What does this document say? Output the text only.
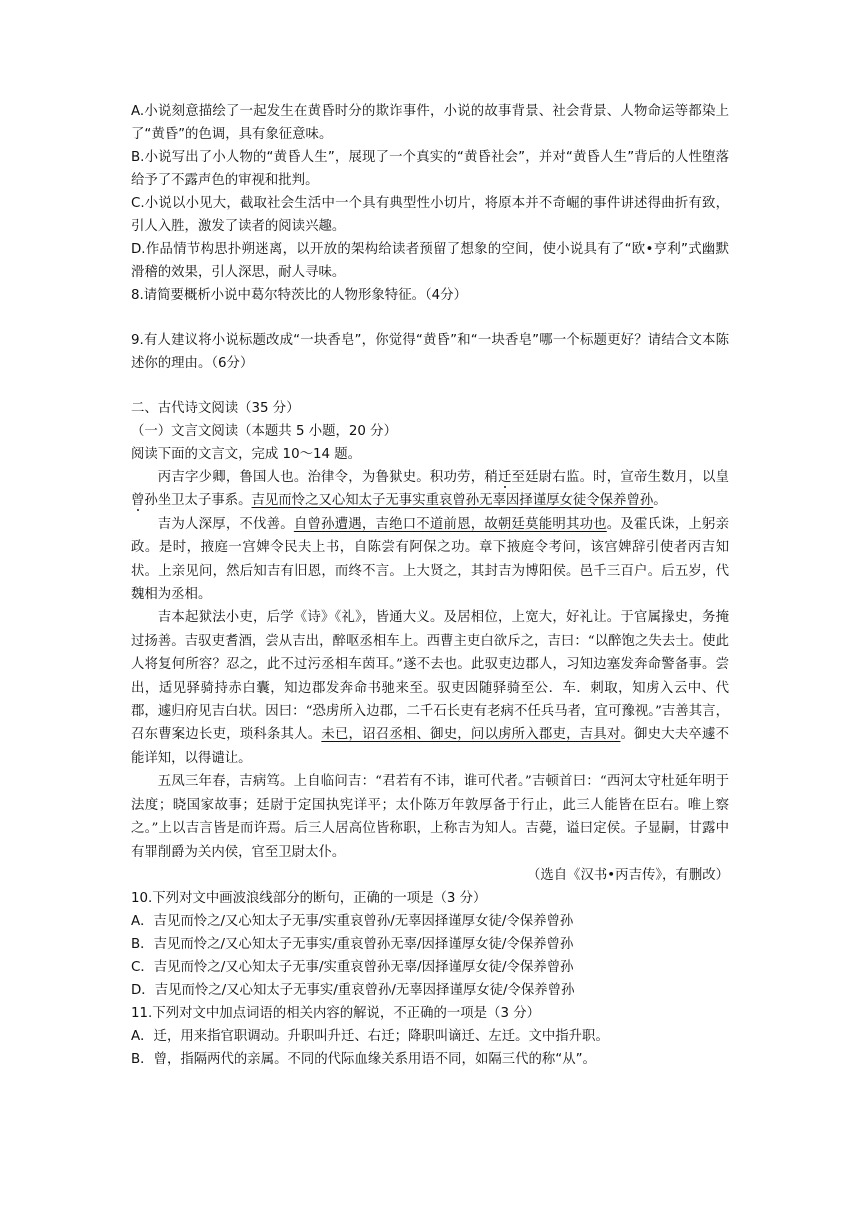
A.小说刻意描绘了一起发生在黄昏时分的欺诈事件，小说的故事背景、社会背景、人物命运等都染上了“黄昏”的色调，具有象征意味。

B.小说写出了小人物的“黄昏人生”，展现了一个真实的“黄昏社会”，并对“黄昏人生”背后的人性堕落给予了不露声色的审视和批判。

C.小说以小见大，截取社会生活中一个具有典型性小切片，将原本并不奇崛的事件讲述得曲折有致，引人入胜，激发了读者的阅读兴趣。

D.作品情节构思扑朔迷离，以开放的架构给读者预留了想象的空间，使小说具有了“欧•亨利”式幽默滑稽的效果，引人深思，耐人寻味。

8.请简要概析小说中葛尔特茨比的人物形象特征。（4分）

9.有人建议将小说标题改成“一块香皂”，你觉得“黄昏”和“一块香皂”哪一个标题更好？请结合文本陈述你的理由。（6分）

二、古代诗文阅读（35 分）

（一）文言文阅读（本题共 5 小题，20 分）

阅读下面的文言文，完成 10～14 题。

丙吉字少卿，鲁国人也。治律令，为鲁狱史。积功劳，稍迁至廷尉右监。时，宣帝生数月，以皇曾孙坐卫太子事系。吉见而怜之又心知太子无事实重哀曾孙无辜因择谨厚女徒令保养曾孙。

吉为人深厚，不伐善。自曾孙遭遇，吉绝口不道前恩，故朝廷莫能明其功也。及霍氏诛，上躬亲政。是时，掖庭一宫婢令民夫上书，自陈尝有阿保之功。章下掖庭令考问，该宫婢辞引使者丙吉知状。上亲见问，然后知吉有旧恩，而终不言。上大贤之，其封吉为博阳侯。邑千三百户。后五岁，代魏相为丞相。

吉本起狱法小吏，后学《诗》《礼》，皆通大义。及居相位，上宽大，好礼让。于官属掾史，务掩过扬善。吉驭吏耆酒，尝从吉出，醉呕丞相车上。西曹主吏白欲斥之，吉曰：“以醉饱之失去士。使此人将复何所容？忍之，此不过污丞相车茵耳。”遂不去也。此驭吏边郡人，习知边塞发奔命警备事。尝出，适见驿骑持赤白囊，知边郡发奔命书驰来至。驭吏因随驿骑至公．车．刺取，知虏入云中、代郡，遽归府见吉白状。因曰：“恐虏所入边郡，二千石长吏有老病不任兵马者，宜可豫视。”吉善其言，召东曹案边长吏，琐科条其人。未已，诏召丞相、御史，问以虏所入郡吏，吉具对。御史大夫卒遽不能详知，以得谴让。

五凤三年春，吉病笃。上自临问吉：“君若有不讳，谁可代者。”吉顿首曰：“西河太守杜延年明于法度；晓国家故事；廷尉于定国执宪详平；太仆陈万年敦厚备于行止，此三人能皆在臣右。唯上察之。”上以吉言皆是而许焉。后三人居高位皆称职，上称吉为知人。吉薨，谥曰定侯。子显嗣，甘露中有罪削爵为关内侯，官至卫尉太仆。

（选自《汉书•丙吉传》，有删改）

10.下列对文中画波浪线部分的断句，正确的一项是（3 分）

A．吉见而怜之/又心知太子无事/实重哀曾孙/无辜因择谨厚女徒/令保养曾孙

B．吉见而怜之/又心知太子无事实/重哀曾孙无辜/因择谨厚女徒/令保养曾孙

C．吉见而怜之/又心知太子无事/实重哀曾孙无辜/因择谨厚女徒/令保养曾孙

D．吉见而怜之/又心知太子无事实/重哀曾孙/无辜因择谨厚女徒/令保养曾孙

11.下列对文中加点词语的相关内容的解说，不正确的一项是（3 分）

A．迁，用来指官职调动。升职叫升迁、右迁；降职叫谪迁、左迁。文中指升职。

B．曾，指隔两代的亲属。不同的代际血缘关系用语不同，如隔三代的称“从”。
